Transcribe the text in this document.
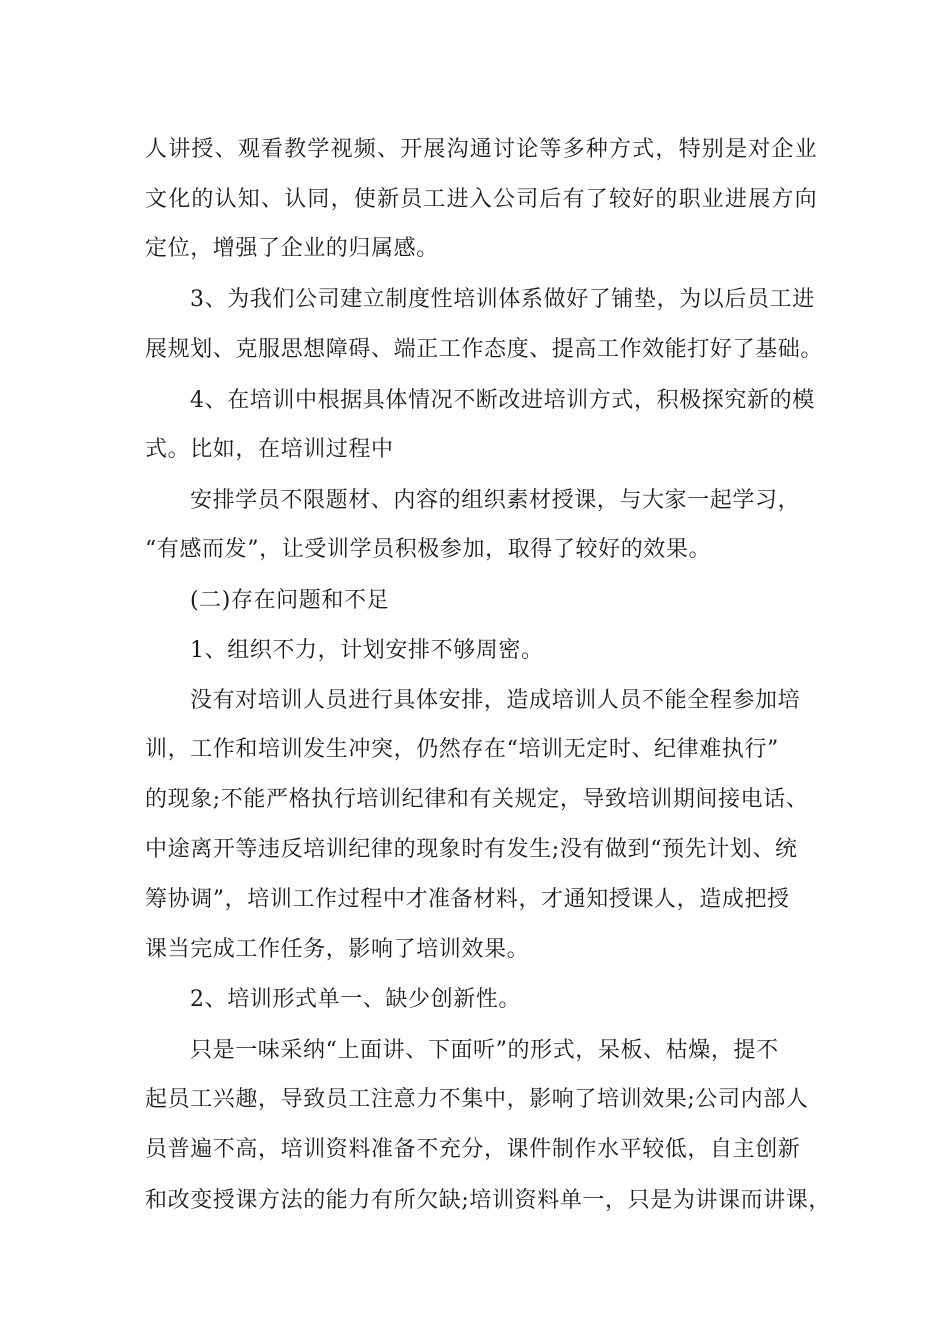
人讲授、观看教学视频、开展沟通讨论等多种方式，特别是对企业
文化的认知、认同，使新员工进入公司后有了较好的职业进展方向
定位，增强了企业的归属感。
3、为我们公司建立制度性培训体系做好了铺垫，为以后员工进
展规划、克服思想障碍、端正工作态度、提高工作效能打好了基础。
4、在培训中根据具体情况不断改进培训方式，积极探究新的模
式。比如，在培训过程中
安排学员不限题材、内容的组织素材授课，与大家一起学习，
“有感而发”，让受训学员积极参加，取得了较好的效果。
(二)存在问题和不足
1、组织不力，计划安排不够周密。
没有对培训人员进行具体安排，造成培训人员不能全程参加培
训，工作和培训发生冲突，仍然存在“培训无定时、纪律难执行”
的现象;不能严格执行培训纪律和有关规定，导致培训期间接电话、
中途离开等违反培训纪律的现象时有发生;没有做到“预先计划、统
筹协调”，培训工作过程中才准备材料，才通知授课人，造成把授
课当完成工作任务，影响了培训效果。
2、培训形式单一、缺少创新性。
只是一味采纳“上面讲、下面听”的形式，呆板、枯燥，提不
起员工兴趣，导致员工注意力不集中，影响了培训效果;公司内部人
员普遍不高，培训资料准备不充分，课件制作水平较低，自主创新
和改变授课方法的能力有所欠缺;培训资料单一，只是为讲课而讲课，
